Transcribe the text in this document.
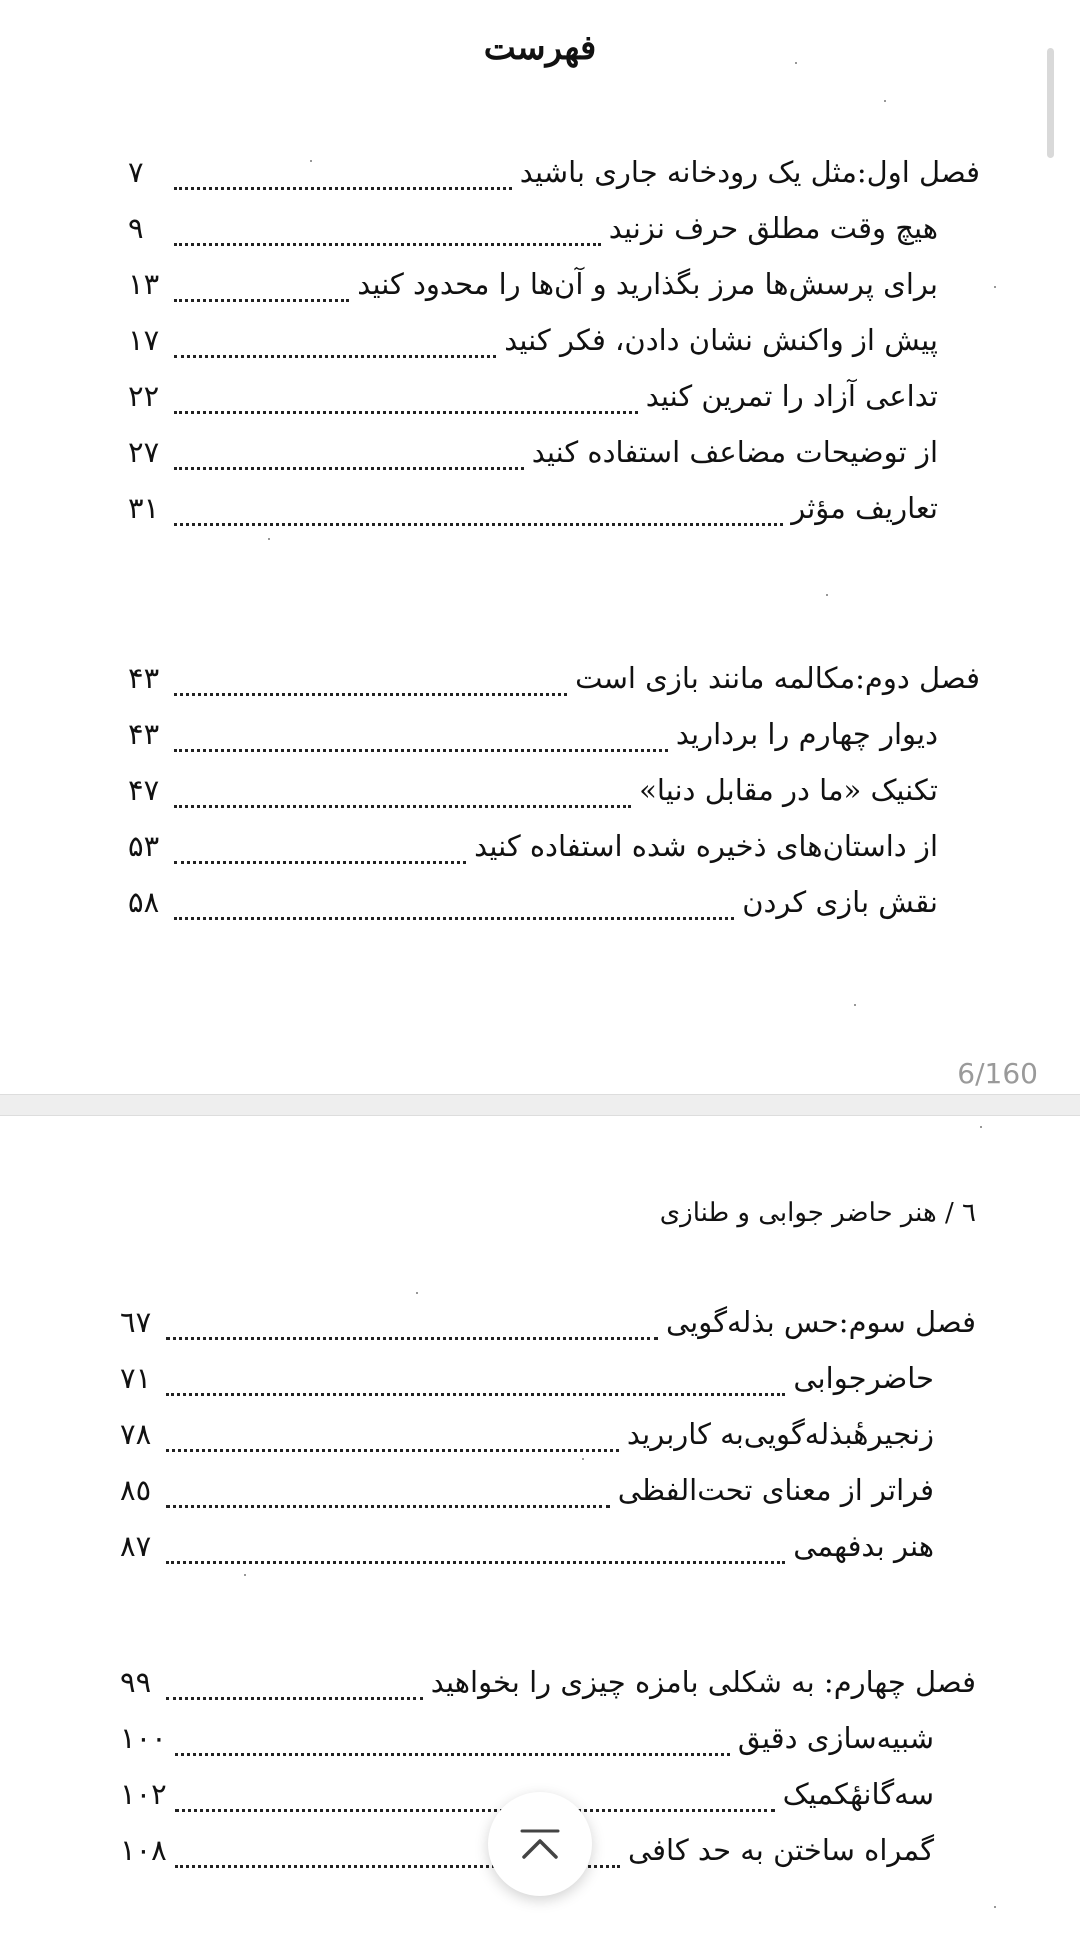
فهرست
فصل اول:مثل یک رودخانه جاری باشید
۷
هیچ وقت مطلق حرف نزنید
۹
برای پرسش‌ها مرز بگذارید و آن‌ها را محدود کنید
۱۳
پیش از واکنش نشان دادن، فکر کنید
۱۷
تداعی آزاد را تمرین کنید
۲۲
از توضیحات مضاعف استفاده کنید
۲۷
تعاریف مؤثر
۳۱
فصل دوم:مکالمه مانند بازی است
۴۳
دیوار چهارم را بردارید
۴۳
تکنیک «ما در مقابل دنیا»
۴۷
از داستان‌های ذخیره شده استفاده کنید
۵۳
نقش بازی کردن
۵۸
6/160
٦ / هنر حاضر جوابی و طنازی
فصل سوم:حس بذله‌گویی
٦٧
حاضرجوابی
٧١
زنجیرهٔبذله‌گویی‌به کاربرید
٧٨
فراتر از معنای تحت‌الفظی
٨٥
هنر بدفهمی
٨٧
فصل چهارم: به شکلی بامزه چیزی را بخواهید
٩٩
شبیه‌سازی دقیق
١٠٠
سه‌گانهٔکمیک
١٠٢
گمراه ساختن به حد کافی
١٠٨
